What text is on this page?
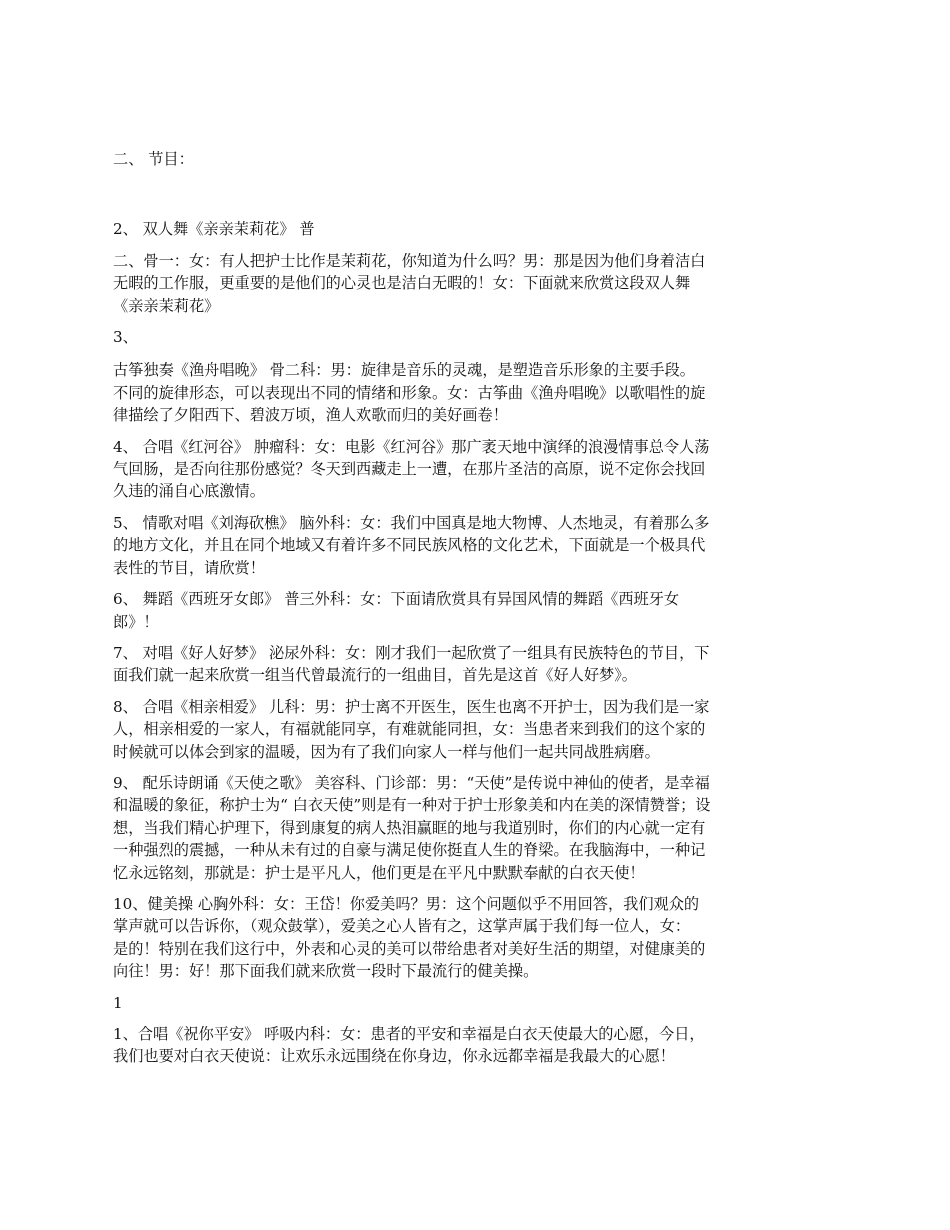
二、 节目：
2、 双人舞《亲亲茉莉花》 普
二、骨一：女：有人把护士比作是茉莉花，你知道为什么吗？男：那是因为他们身着洁白
无暇的工作服，更重要的是他们的心灵也是洁白无暇的！女：下面就来欣赏这段双人舞
《亲亲茉莉花》
3、
古筝独奏《渔舟唱晚》 骨二科：男：旋律是音乐的灵魂，是塑造音乐形象的主要手段。
不同的旋律形态，可以表现出不同的情绪和形象。女：古筝曲《渔舟唱晚》以歌唱性的旋
律描绘了夕阳西下、碧波万顷，渔人欢歌而归的美好画卷！
4、 合唱《红河谷》 肿瘤科：女：电影《红河谷》那广袤天地中演绎的浪漫情事总令人荡
气回肠，是否向往那份感觉？冬天到西藏走上一遭，在那片圣洁的高原，说不定你会找回
久违的涌自心底激情。
5、 情歌对唱《刘海砍樵》 脑外科：女：我们中国真是地大物博、人杰地灵，有着那么多
的地方文化，并且在同个地域又有着许多不同民族风格的文化艺术，下面就是一个极具代
表性的节目，请欣赏！
6、 舞蹈《西班牙女郎》 普三外科：女：下面请欣赏具有异国风情的舞蹈《西班牙女
郎》！
7、 对唱《好人好梦》 泌尿外科：女：刚才我们一起欣赏了一组具有民族特色的节目，下
面我们就一起来欣赏一组当代曾最流行的一组曲目，首先是这首《好人好梦》。
8、 合唱《相亲相爱》 儿科：男：护士离不开医生，医生也离不开护士，因为我们是一家
人，相亲相爱的一家人，有福就能同享，有难就能同担，女：当患者来到我们的这个家的
时候就可以体会到家的温暖，因为有了我们向家人一样与他们一起共同战胜病磨。
9、 配乐诗朗诵《天使之歌》 美容科、门诊部：男：“天使”是传说中神仙的使者，是幸福
和温暖的象征，称护士为“ 白衣天使”则是有一种对于护士形象美和内在美的深情赞誉；设
想，当我们精心护理下，得到康复的病人热泪赢眶的地与我道别时，你们的内心就一定有
一种强烈的震撼，一种从未有过的自豪与满足使你挺直人生的脊梁。在我脑海中，一种记
忆永远铭刻，那就是：护士是平凡人，他们更是在平凡中默默奉献的白衣天使！
10、健美操 心胸外科：女：王岱！你爱美吗？男：这个问题似乎不用回答，我们观众的
掌声就可以告诉你，（观众鼓掌），爱美之心人皆有之，这掌声属于我们每一位人，女：
是的！特别在我们这行中，外表和心灵的美可以带给患者对美好生活的期望，对健康美的
向往！男：好！那下面我们就来欣赏一段时下最流行的健美操。
1
1、合唱《祝你平安》 呼吸内科：女：患者的平安和幸福是白衣天使最大的心愿，今日，
我们也要对白衣天使说：让欢乐永远围绕在你身边，你永远都幸福是我最大的心愿！
